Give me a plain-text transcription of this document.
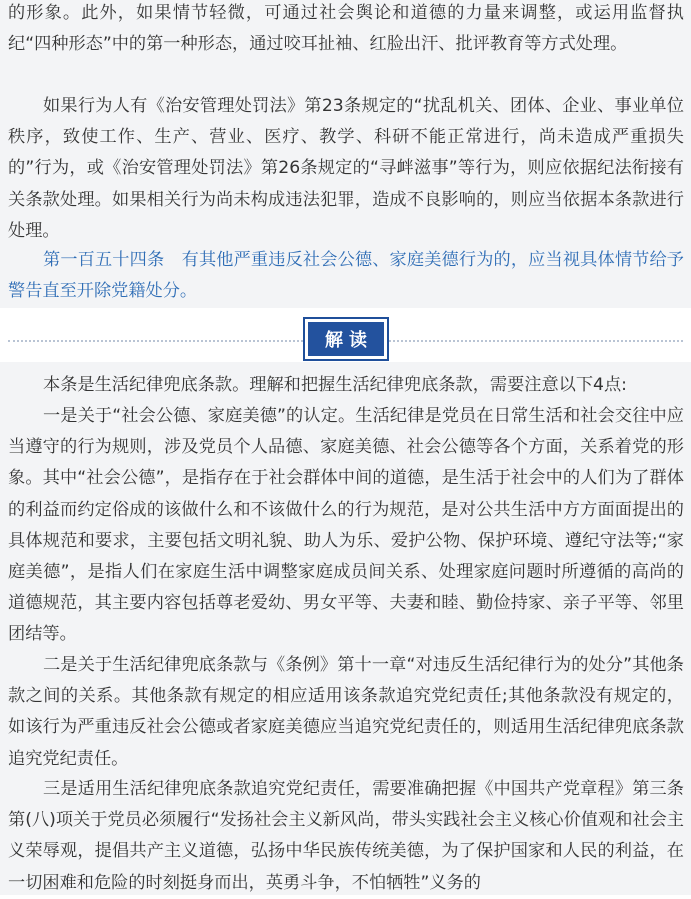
的形象。此外，如果情节轻微，可通过社会舆论和道德的力量来调整，或运用监督执纪“四种形态”中的第一种形态，通过咬耳扯袖、红脸出汗、批评教育等方式处理。

如果行为人有《治安管理处罚法》第23条规定的“扰乱机关、团体、企业、事业单位秩序，致使工作、生产、营业、医疗、教学、科研不能正常进行，尚未造成严重损失的”行为，或《治安管理处罚法》第26条规定的“寻衅滋事”等行为，则应依据纪法衔接有关条款处理。如果相关行为尚未构成违法犯罪，造成不良影响的，则应当依据本条款进行处理。

第一百五十四条　有其他严重违反社会公德、家庭美德行为的，应当视具体情节给予警告直至开除党籍处分。

解读

本条是生活纪律兜底条款。理解和把握生活纪律兜底条款，需要注意以下4点:

一是关于“社会公德、家庭美德”的认定。生活纪律是党员在日常生活和社会交往中应当遵守的行为规则，涉及党员个人品德、家庭美德、社会公德等各个方面，关系着党的形象。其中“社会公德”，是指存在于社会群体中间的道德，是生活于社会中的人们为了群体的利益而约定俗成的该做什么和不该做什么的行为规范，是对公共生活中方方面面提出的具体规范和要求，主要包括文明礼貌、助人为乐、爱护公物、保护环境、遵纪守法等;“家庭美德”，是指人们在家庭生活中调整家庭成员间关系、处理家庭问题时所遵循的高尚的道德规范，其主要内容包括尊老爱幼、男女平等、夫妻和睦、勤俭持家、亲子平等、邻里团结等。

二是关于生活纪律兜底条款与《条例》第十一章“对违反生活纪律行为的处分”其他条款之间的关系。其他条款有规定的相应适用该条款追究党纪责任;其他条款没有规定的，如该行为严重违反社会公德或者家庭美德应当追究党纪责任的，则适用生活纪律兜底条款追究党纪责任。

三是适用生活纪律兜底条款追究党纪责任，需要准确把握《中国共产党章程》第三条第(八)项关于党员必须履行“发扬社会主义新风尚，带头实践社会主义核心价值观和社会主义荣辱观，提倡共产主义道德，弘扬中华民族传统美德，为了保护国家和人民的利益，在一切困难和危险的时刻挺身而出，英勇斗争，不怕牺牲”义务的
